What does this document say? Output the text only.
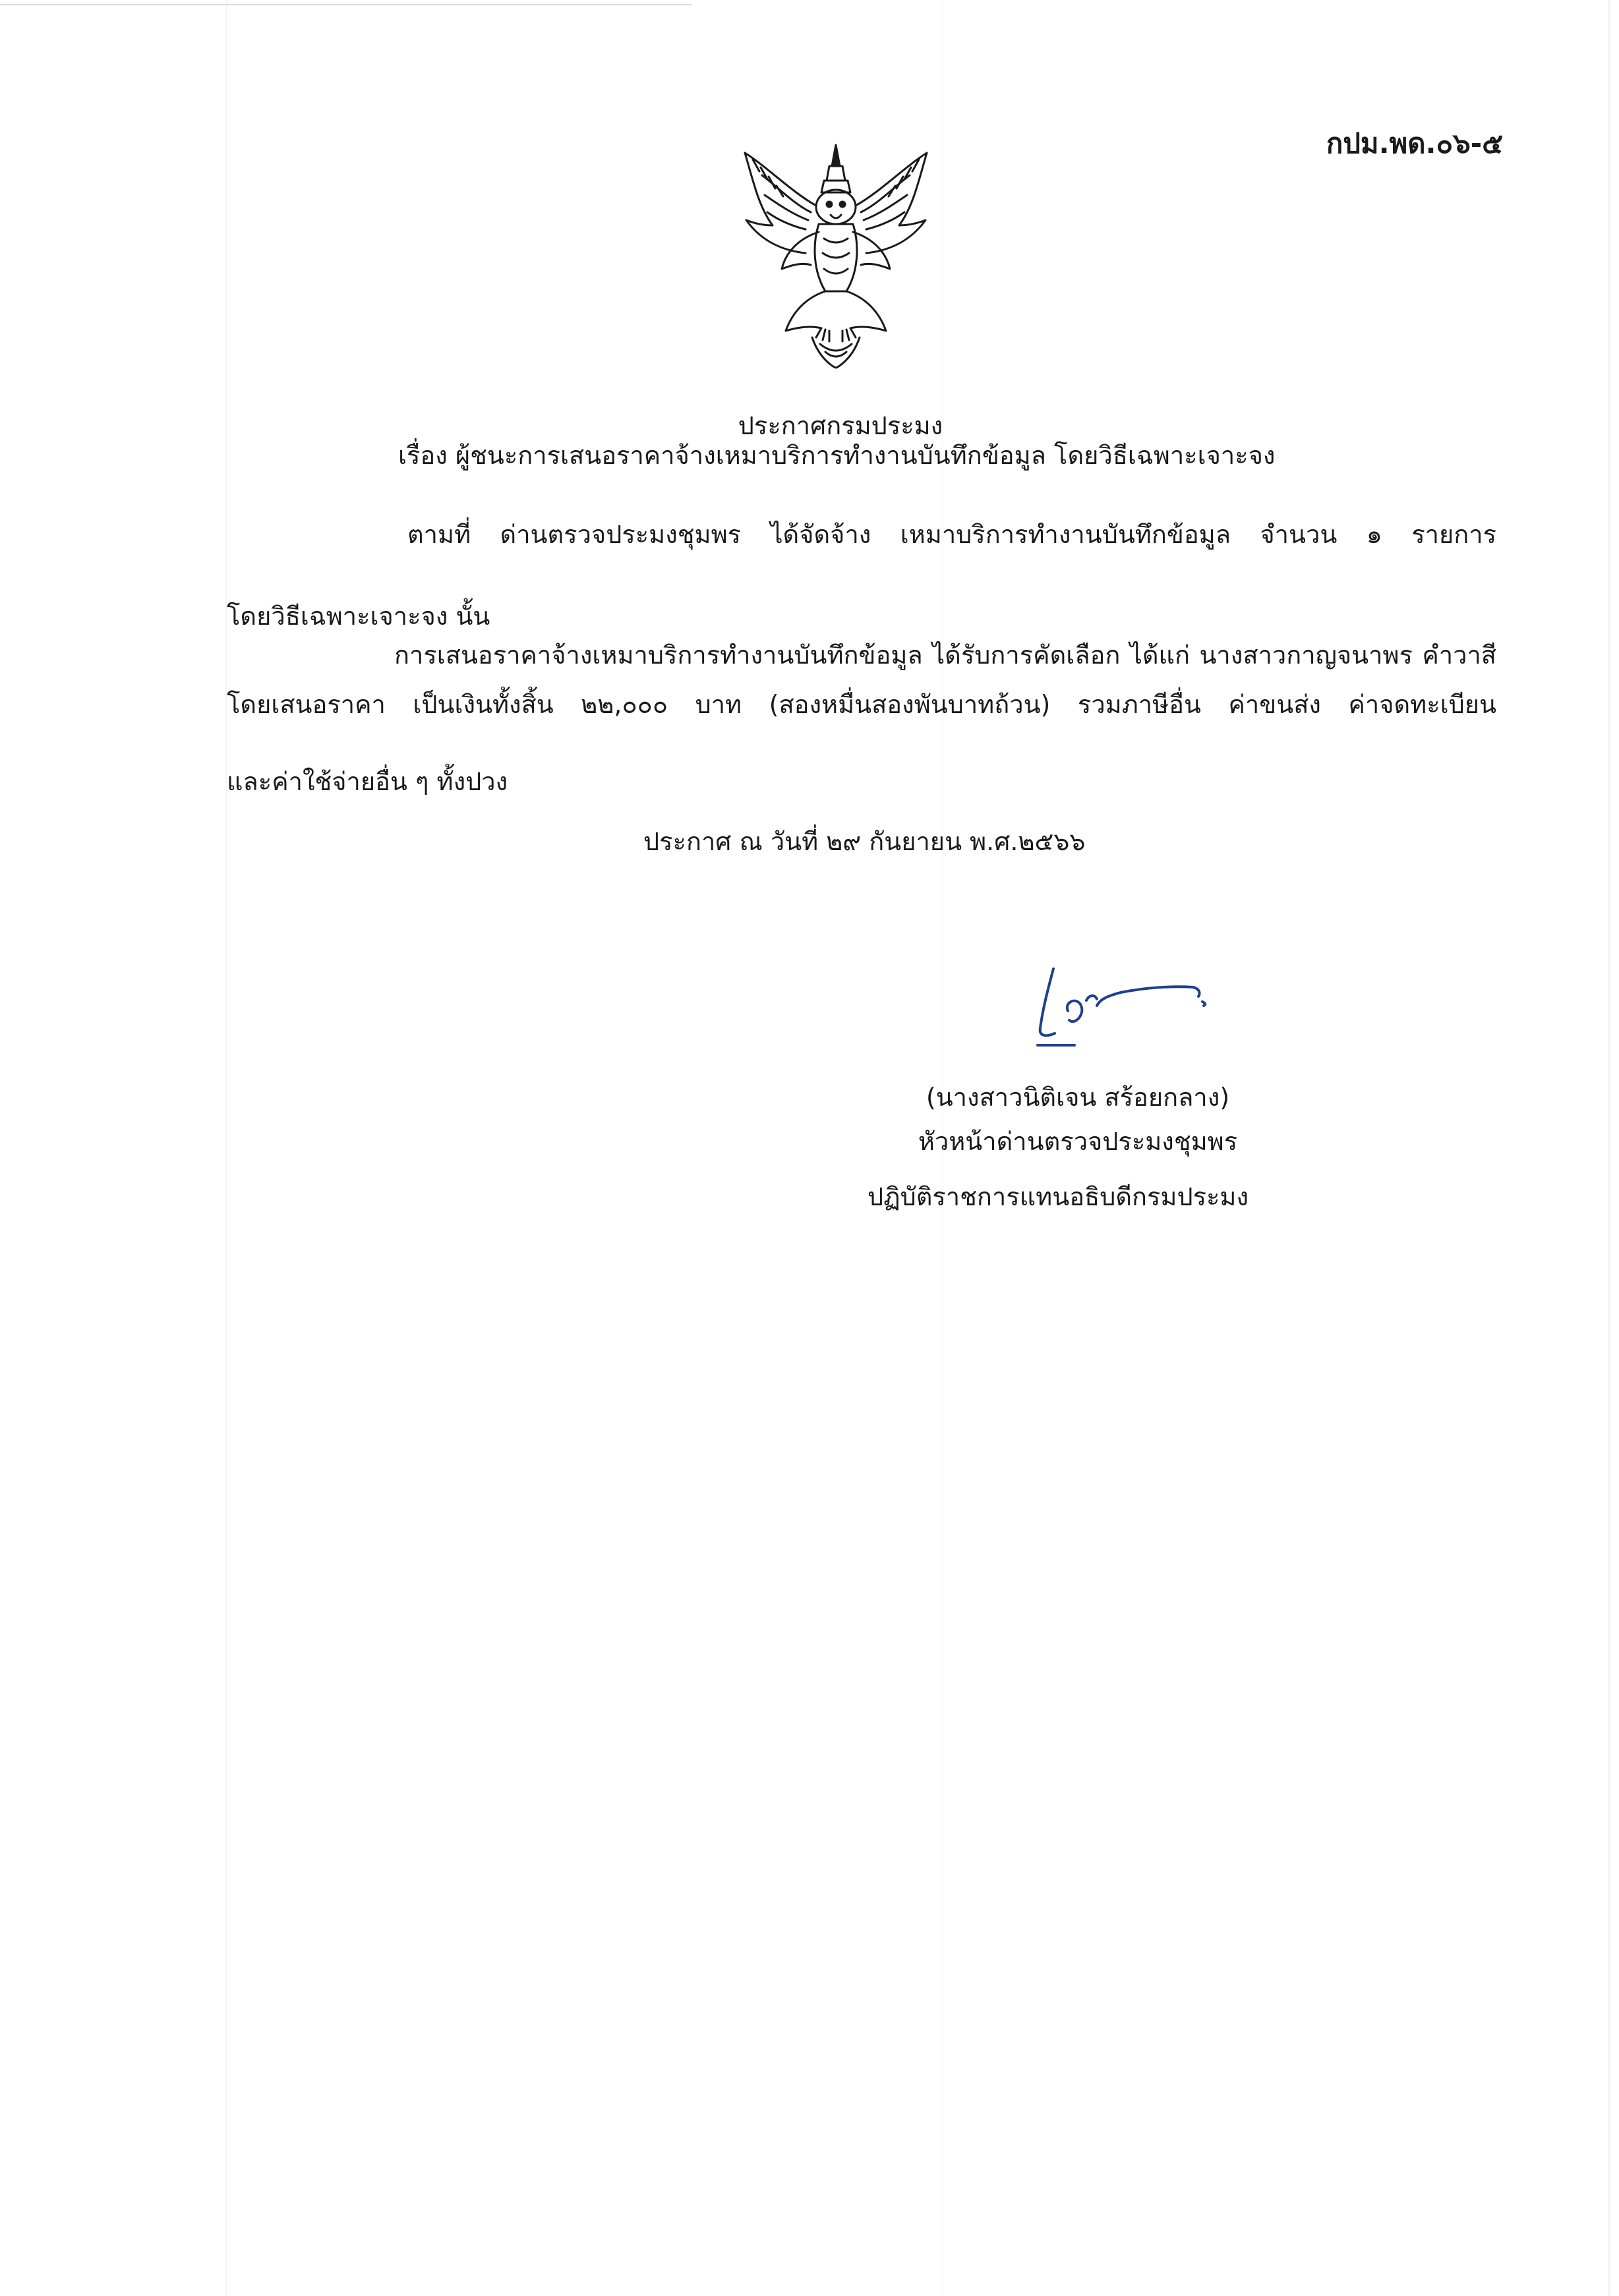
กปม.พด.๐๖-๕
ประกาศกรมประมง
เรื่อง ผู้ชนะการเสนอราคาจ้างเหมาบริการทำงานบันทึกข้อมูล โดยวิธีเฉพาะเจาะจง
ตามที่ ด่านตรวจประมงชุมพร ได้จัดจ้าง เหมาบริการทำงานบันทึกข้อมูล จำนวน ๑ รายการ
โดยวิธีเฉพาะเจาะจง นั้น
การเสนอราคาจ้างเหมาบริการทำงานบันทึกข้อมูล ได้รับการคัดเลือก ได้แก่ นางสาวกาญจนาพร คำวาสี
โดยเสนอราคา เป็นเงินทั้งสิ้น ๒๒,๐๐๐ บาท (สองหมื่นสองพันบาทถ้วน) รวมภาษีอื่น ค่าขนส่ง ค่าจดทะเบียน
และค่าใช้จ่ายอื่น ๆ ทั้งปวง
ประกาศ ณ วันที่ ๒๙ กันยายน พ.ศ.๒๕๖๖
(นางสาวนิติเจน สร้อยกลาง)
หัวหน้าด่านตรวจประมงชุมพร
ปฏิบัติราชการแทนอธิบดีกรมประมง
